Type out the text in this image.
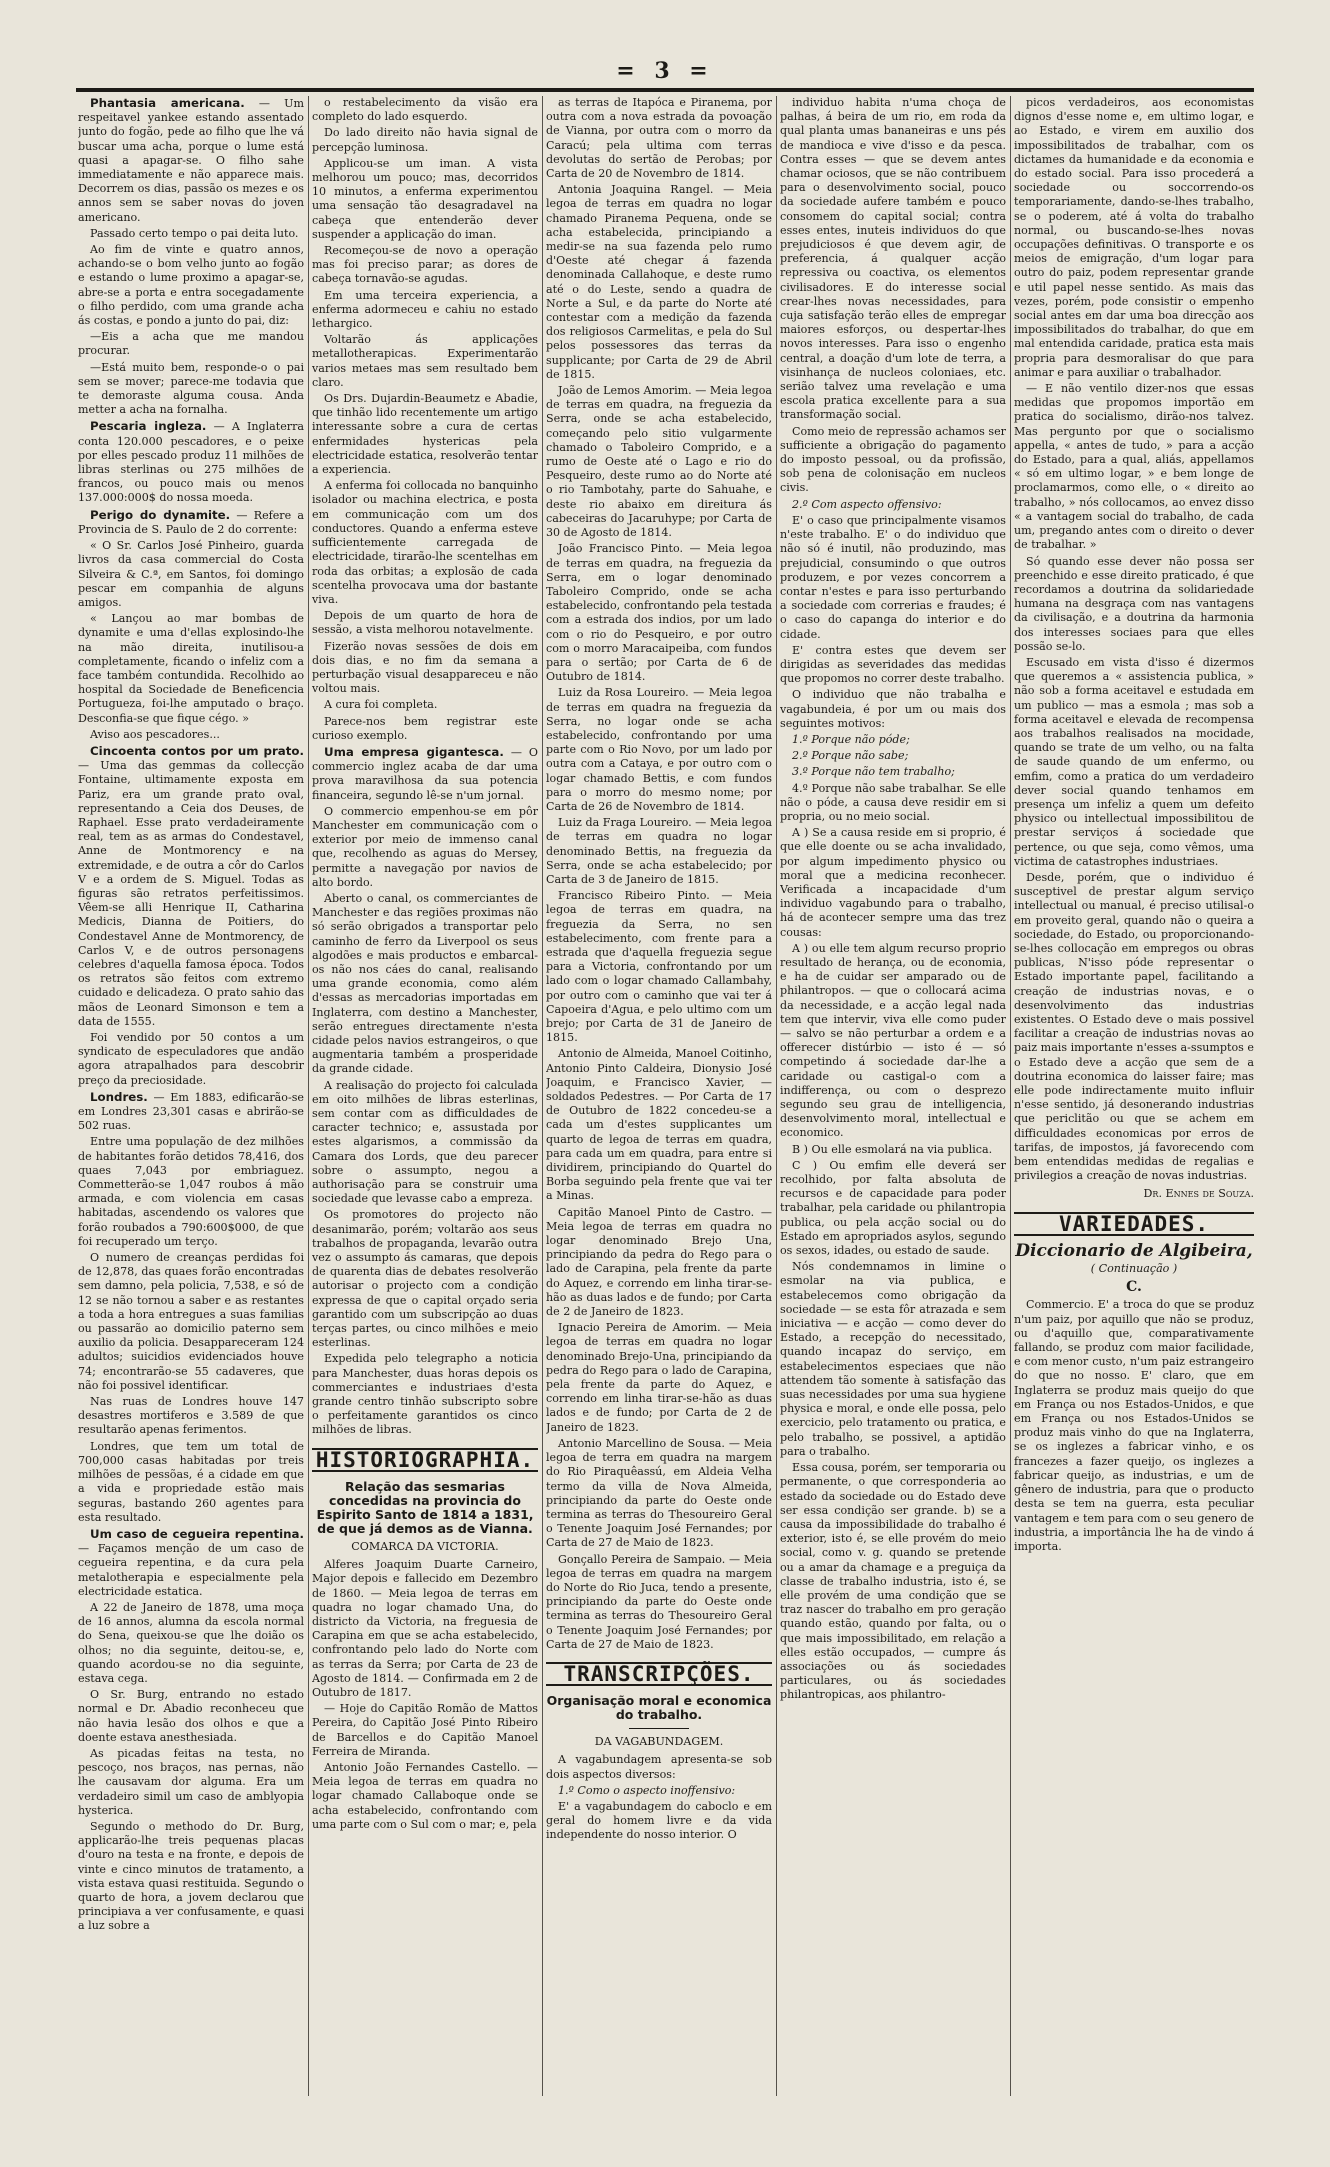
= 3 =

Phantasia americana. — Um respeitavel yankee estando assentado junto do fogão, pede ao filho que lhe vá buscar uma acha, porque o lume está quasi a apagar-se. O filho sahe immediatamente e não apparece mais. Decorrem os dias, passão os mezes e os annos sem se saber novas do joven americano.

Passado certo tempo o pai deita luto.

Ao fim de vinte e quatro annos, achando-se o bom velho junto ao fogão e estando o lume proximo a apagar-se, abre-se a porta e entra socegadamente o filho perdido, com uma grande acha ás costas, e pondo a junto do pai, diz:

—Eis a acha que me mandou procurar.

—Está muito bem, responde-o o pai sem se mover; parece-me todavia que te demoraste alguma cousa. Anda metter a acha na fornalha.

Pescaria ingleza. — A Inglaterra conta 120.000 pescadores, e o peixe por elles pescado produz 11 milhões de libras sterlinas ou 275 milhões de francos, ou pouco mais ou menos 137.000:000$ do nossa moeda.

Perigo do dynamite. — Refere a Provincia de S. Paulo de 2 do corrente:

« O Sr. Carlos José Pinheiro, guarda livros da casa commercial do Costa Silveira & C.ª, em Santos, foi domingo pescar em companhia de alguns amigos.

« Lançou ao mar bombas de dynamite e uma d'ellas explosindo-lhe na mão direita, inutilisou-a completamente, ficando o infeliz com a face também contundida. Recolhido ao hospital da Sociedade de Beneficencia Portugueza, foi-lhe amputado o braço. Desconfia-se que fique cégo. »

Aviso aos pescadores...

Cincoenta contos por um prato. — Uma das gemmas da collecção Fontaine, ultimamente exposta em Pariz, era um grande prato oval, representando a Ceia dos Deuses, de Raphael. Esse prato verdadeiramente real, tem as as armas do Condestavel, Anne de Montmorency e na extremidade, e de outra a côr do Carlos V e a ordem de S. Miguel. Todas as figuras são retratos perfeitissimos. Vêem-se alli Henrique II, Catharina Medicis, Dianna de Poitiers, do Condestavel Anne de Montmorency, de Carlos V, e de outros personagens celebres d'aquella famosa época. Todos os retratos são feitos com extremo cuidado e delicadeza. O prato sahio das mãos de Leonard Simonson e tem a data de 1555.

Foi vendido por 50 contos a um syndicato de especuladores que andão agora atrapalhados para descobrir preço da preciosidade.

Londres. — Em 1883, edificarão-se em Londres 23,301 casas e abrirão-se 502 ruas.

Entre uma população de dez milhões de habitantes forão detidos 78,416, dos quaes 7,043 por embriaguez. Commetterão-se 1,047 roubos á mão armada, e com violencia em casas habitadas, ascendendo os valores que forão roubados a 790:600$000, de que foi recuperado um terço.

O numero de creanças perdidas foi de 12,878, das quaes forão encontradas sem damno, pela policia, 7,538, e só de 12 se não tornou a saber e as restantes a toda a hora entregues a suas familias ou passarão ao domicilio paterno sem auxilio da policia. Desappareceram 124 adultos; suicidios evidenciados houve 74; encontrarão-se 55 cadaveres, que não foi possivel identificar.

Nas ruas de Londres houve 147 desastres mortiferos e 3.589 de que resultarão apenas ferimentos.

Londres, que tem um total de 700,000 casas habitadas por treis milhões de pessõas, é a cidade em que a vida e propriedade estão mais seguras, bastando 260 agentes para esta resultado.

Um caso de cegueira repentina. — Façamos menção de um caso de cegueira repentina, e da cura pela metalotherapia e especialmente pela electricidade estatica.

A 22 de Janeiro de 1878, uma moça de 16 annos, alumna da escola normal do Sena, queixou-se que lhe doião os olhos; no dia seguinte, deitou-se, e, quando acordou-se no dia seguinte, estava cega.

O Sr. Burg, entrando no estado normal e Dr. Abadio reconheceu que não havia lesão dos olhos e que a doente estava anesthesiada.

As picadas feitas na testa, no pescoço, nos braços, nas pernas, não lhe causavam dor alguma. Era um verdadeiro simil um caso de amblyopia hysterica.

Segundo o methodo do Dr. Burg, applicarão-lhe treis pequenas placas d'ouro na testa e na fronte, e depois de vinte e cinco minutos de tratamento, a vista estava quasi restituida. Segundo o quarto de hora, a jovem declarou que principiava a ver confusamente, e quasi a luz sobre a

o restabelecimento da visão era completo do lado esquerdo.

Do lado direito não havia signal de percepção luminosa.

Applicou-se um iman. A vista melhorou um pouco; mas, decorridos 10 minutos, a enferma experimentou uma sensação tão desagradavel na cabeça que entenderão dever suspender a applicação do iman.

Recomeçou-se de novo a operação mas foi preciso parar; as dores de cabeça tornavão-se agudas.

Em uma terceira experiencia, a enferma adormeceu e cahiu no estado lethargico.

Voltarão ás applicações metallotherapicas. Experimentarão varios metaes mas sem resultado bem claro.

Os Drs. Dujardin-Beaumetz e Abadie, que tinhão lido recentemente um artigo interessante sobre a cura de certas enfermidades hystericas pela electricidade estatica, resolverão tentar a experiencia.

A enferma foi collocada no banquinho isolador ou machina electrica, e posta em communicação com um dos conductores. Quando a enferma esteve sufficientemente carregada de electricidade, tirarão-lhe scentelhas em roda das orbitas; a explosão de cada scentelha provocava uma dor bastante viva.

Depois de um quarto de hora de sessão, a vista melhorou notavelmente.

Fizerão novas sessões de dois em dois dias, e no fim da semana a perturbação visual desappareceu e não voltou mais.

A cura foi completa.

Parece-nos bem registrar este curioso exemplo.

Uma empresa gigantesca. — O commercio inglez acaba de dar uma prova maravilhosa da sua potencia financeira, segundo lê-se n'um jornal.

O commercio empenhou-se em pôr Manchester em communicação com o exterior por meio de immenso canal que, recolhendo as aguas do Mersey, permitte a navegação por navios de alto bordo.

Aberto o canal, os commerciantes de Manchester e das regiões proximas não só serão obrigados a transportar pelo caminho de ferro da Liverpool os seus algodões e mais productos e embarcal-os não nos cáes do canal, realisando uma grande economia, como além d'essas as mercadorias importadas em Inglaterra, com destino a Manchester, serão entregues directamente n'esta cidade pelos navios estrangeiros, o que augmentaria também a prosperidade da grande cidade.

A realisação do projecto foi calculada em oito milhões de libras esterlinas, sem contar com as difficuldades de caracter technico; e, assustada por estes algarismos, a commissão da Camara dos Lords, que deu parecer sobre o assumpto, negou a authorisação para se construir uma sociedade que levasse cabo a empreza.

Os promotores do projecto não desanimarão, porém; voltarão aos seus trabalhos de propaganda, levarão outra vez o assumpto ás camaras, que depois de quarenta dias de debates resolverão autorisar o projecto com a condição expressa de que o capital orçado seria garantido com um subscripção ao duas terças partes, ou cinco milhões e meio esterlinas.

Expedida pelo telegrapho a noticia para Manchester, duas horas depois os commerciantes e industriaes d'esta grande centro tinhão subscripto sobre o perfeitamente garantidos os cinco milhões de libras.

HISTORIOGRAPHIA.
Relação das sesmarias concedidas na provincia do Espirito Santo de 1814 a 1831, de que já demos as de Vianna.

COMARCA DA VICTORIA.

Alferes Joaquim Duarte Carneiro, Major depois e fallecido em Dezembro de 1860. — Meia legoa de terras em quadra no logar chamado Una, do districto da Victoria, na freguesia de Carapina em que se acha estabelecido, confrontando pelo lado do Norte com as terras da Serra; por Carta de 23 de Agosto de 1814. — Confirmada em 2 de Outubro de 1817.

— Hoje do Capitão Romão de Mattos Pereira, do Capitão José Pinto Ribeiro de Barcellos e do Capitão Manoel Ferreira de Miranda.

Antonio João Fernandes Castello. — Meia legoa de terras em quadra no logar chamado Callaboque onde se acha estabelecido, confrontando com uma parte com o Sul com o mar; e, pela

as terras de Itapóca e Piranema, por outra com a nova estrada da povoação de Vianna, por outra com o morro da Caracú; pela ultima com terras devolutas do sertão de Perobas; por Carta de 20 de Novembro de 1814.

Antonia Joaquina Rangel. — Meia legoa de terras em quadra no logar chamado Piranema Pequena, onde se acha estabelecida, principiando a medir-se na sua fazenda pelo rumo d'Oeste até chegar á fazenda denominada Callahoque, e deste rumo até o do Leste, sendo a quadra de Norte a Sul, e da parte do Norte até contestar com a medição da fazenda dos religiosos Carmelitas, e pela do Sul pelos possessores das terras da supplicante; por Carta de 29 de Abril de 1815.

João de Lemos Amorim. — Meia legoa de terras em quadra, na freguezia da Serra, onde se acha estabelecido, começando pelo sitio vulgarmente chamado o Taboleiro Comprido, e a rumo de Oeste até o Lago e rio do Pesqueiro, deste rumo ao do Norte até o rio Tambotahy, parte do Sahuahe, e deste rio abaixo em direitura ás cabeceiras do Jacaruhype; por Carta de 30 de Agosto de 1814.

João Francisco Pinto. — Meia legoa de terras em quadra, na freguezia da Serra, em o logar denominado Taboleiro Comprido, onde se acha estabelecido, confrontando pela testada com a estrada dos indios, por um lado com o rio do Pesqueiro, e por outro com o morro Maracaipeiba, com fundos para o sertão; por Carta de 6 de Outubro de 1814.

Luiz da Rosa Loureiro. — Meia legoa de terras em quadra na freguezia da Serra, no logar onde se acha estabelecido, confrontando por uma parte com o Rio Novo, por um lado por outra com a Cataya, e por outro com o logar chamado Bettis, e com fundos para o morro do mesmo nome; por Carta de 26 de Novembro de 1814.

Luiz da Fraga Loureiro. — Meia legoa de terras em quadra no logar denominado Bettis, na freguezia da Serra, onde se acha estabelecido; por Carta de 3 de Janeiro de 1815.

Francisco Ribeiro Pinto. — Meia legoa de terras em quadra, na freguezia da Serra, no sen estabelecimento, com frente para a estrada que d'aquella freguezia segue para a Victoria, confrontando por um lado com o logar chamado Callambahy, por outro com o caminho que vai ter á Capoeira d'Agua, e pelo ultimo com um brejo; por Carta de 31 de Janeiro de 1815.

Antonio de Almeida, Manoel Coitinho, Antonio Pinto Caldeira, Dionysio José Joaquim, e Francisco Xavier, — soldados Pedestres. — Por Carta de 17 de Outubro de 1822 concedeu-se a cada um d'estes supplicantes um quarto de legoa de terras em quadra, para cada um em quadra, para entre si dividirem, principiando do Quartel do Borba seguindo pela frente que vai ter a Minas.

Capitão Manoel Pinto de Castro. — Meia legoa de terras em quadra no logar denominado Brejo Una, principiando da pedra do Rego para o lado de Carapina, pela frente da parte do Aquez, e correndo em linha tirar-se-hão as duas lados e de fundo; por Carta de 2 de Janeiro de 1823.

Ignacio Pereira de Amorim. — Meia legoa de terras em quadra no logar denominado Brejo-Una, principiando da pedra do Rego para o lado de Carapina, pela frente da parte do Aquez, e correndo em linha tirar-se-hão as duas lados e de fundo; por Carta de 2 de Janeiro de 1823.

Antonio Marcellino de Sousa. — Meia legoa de terra em quadra na margem do Rio Piraquêassú, em Aldeia Velha termo da villa de Nova Almeida, principiando da parte do Oeste onde termina as terras do Thesoureiro Geral o Tenente Joaquim José Fernandes; por Carta de 27 de Maio de 1823.

Gonçallo Pereira de Sampaio. — Meia legoa de terras em quadra na margem do Norte do Rio Juca, tendo a presente, principiando da parte do Oeste onde termina as terras do Thesoureiro Geral o Tenente Joaquim José Fernandes; por Carta de 27 de Maio de 1823.

TRANSCRIPÇÕES.
Organisação moral e economica do trabalho.

DA VAGABUNDAGEM.

A vagabundagem apresenta-se sob dois aspectos diversos:

1.º Como o aspecto inoffensivo:

E' a vagabundagem do caboclo e em geral do homem livre e da vida independente do nosso interior. O

individuo habita n'uma choça de palhas, á beira de um rio, em roda da qual planta umas bananeiras e uns pés de mandioca e vive d'isso e da pesca. Contra esses — que se devem antes chamar ociosos, que se não contribuem para o desenvolvimento social, pouco da sociedade aufere também e pouco consomem do capital social; contra esses entes, inuteis individuos do que prejudiciosos é que devem agir, de preferencia, á qualquer acção repressiva ou coactiva, os elementos civilisadores. E do interesse social crear-lhes novas necessidades, para cuja satisfação terão elles de empregar maiores esforços, ou despertar-lhes novos interesses. Para isso o engenho central, a doação d'um lote de terra, a visinhança de nucleos coloniaes, etc. serião talvez uma revelação e uma escola pratica excellente para a sua transformação social.

Como meio de repressão achamos ser sufficiente a obrigação do pagamento do imposto pessoal, ou da profissão, sob pena de colonisação em nucleos civis.

2.º Com aspecto offensivo:

E' o caso que principalmente visamos n'este trabalho. E' o do individuo que não só é inutil, não produzindo, mas prejudicial, consumindo o que outros produzem, e por vezes concorrem a contar n'estes e para isso perturbando a sociedade com correrias e fraudes; é o caso do capanga do interior e do cidade.

E' contra estes que devem ser dirigidas as severidades das medidas que propomos no correr deste trabalho.

O individuo que não trabalha e vagabundeia, é por um ou mais dos seguintes motivos:

1.º Porque não póde;

2.º Porque não sabe;

3.º Porque não tem trabalho;

4.º Porque não sabe trabalhar. Se elle não o póde, a causa deve residir em si propria, ou no meio social.

A ) Se a causa reside em si proprio, é que elle doente ou se acha invalidado, por algum impedimento physico ou moral que a medicina reconhecer. Verificada a incapacidade d'um individuo vagabundo para o trabalho, há de acontecer sempre uma das trez cousas:

A ) ou elle tem algum recurso proprio resultado de herança, ou de economia, e ha de cuidar ser amparado ou de philantropos. — que o collocará acima da necessidade, e a acção legal nada tem que intervir, viva elle como puder — salvo se não perturbar a ordem e a offerecer distúrbio — isto é — só competindo á sociedade dar-lhe a caridade ou castigal-o com a indifferença, ou com o desprezo segundo seu grau de intelligencia, desenvolvimento moral, intellectual e economico.

B ) Ou elle esmolará na via publica.

C ) Ou emfim elle deverá ser recolhido, por falta absoluta de recursos e de capacidade para poder trabalhar, pela caridade ou philantropia publica, ou pela acção social ou do Estado em apropriados asylos, segundo os sexos, idades, ou estado de saude.

Nós condemnamos in limine o esmolar na via publica, e estabelecemos como obrigação da sociedade — se esta fôr atrazada e sem iniciativa — e acção — como dever do Estado, a recepção do necessitado, quando incapaz do serviço, em estabelecimentos especiaes que não attendem tão somente à satisfação das suas necessidades por uma sua hygiene physica e moral, e onde elle possa, pelo exercicio, pelo tratamento ou pratica, e pelo trabalho, se possivel, a aptidão para o trabalho.

Essa cousa, porém, ser temporaria ou permanente, o que corresponderia ao estado da sociedade ou do Estado deve ser essa condição ser grande. b) se a causa da impossibilidade do trabalho é exterior, isto é, se elle provém do meio social, como v. g. quando se pretende ou a amar da chamage e a preguiça da classe de trabalho industria, isto é, se elle provém de uma condição que se traz nascer do trabalho em pro geração quando estão, quando por falta, ou o que mais impossibilitado, em relação a elles estão occupados, — cumpre ás associações ou ás sociedades particulares, ou ás sociedades philantropicas, aos philantro-

picos verdadeiros, aos economistas dignos d'esse nome e, em ultimo logar, e ao Estado, e virem em auxilio dos impossibilitados de trabalhar, com os dictames da humanidade e da economia e do estado social. Para isso procederá a sociedade ou soccorrendo-os temporariamente, dando-se-lhes trabalho, se o poderem, até á volta do trabalho normal, ou buscando-se-lhes novas occupações definitivas. O transporte e os meios de emigração, d'um logar para outro do paiz, podem representar grande e util papel nesse sentido. As mais das vezes, porém, pode consistir o empenho social antes em dar uma boa direcção aos impossibilitados do trabalhar, do que em mal entendida caridade, pratica esta mais propria para desmoralisar do que para animar e para auxiliar o trabalhador.

— E não ventilo dizer-nos que essas medidas que propomos importão em pratica do socialismo, dirão-nos talvez. Mas pergunto por que o socialismo appella, « antes de tudo, » para a acção do Estado, para a qual, aliás, appellamos « só em ultimo logar, » e bem longe de proclamarmos, como elle, o « direito ao trabalho, » nós collocamos, ao envez disso « a vantagem social do trabalho, de cada um, pregando antes com o direito o dever de trabalhar. »

Só quando esse dever não possa ser preenchido e esse direito praticado, é que recordamos a doutrina da solidariedade humana na desgraça com nas vantagens da civilisação, e a doutrina da harmonia dos interesses sociaes para que elles possão se-lo.

Escusado em vista d'isso é dizermos que queremos a « assistencia publica, » não sob a forma aceitavel e estudada em um publico — mas a esmola ; mas sob a forma aceitavel e elevada de recompensa aos trabalhos realisados na mocidade, quando se trate de um velho, ou na falta de saude quando de um enfermo, ou emfim, como a pratica do um verdadeiro dever social quando tenhamos em presença um infeliz a quem um defeito physico ou intellectual impossibilitou de prestar serviços á sociedade que pertence, ou que seja, como vêmos, uma victima de catastrophes industriaes.

Desde, porém, que o individuo é susceptivel de prestar algum serviço intellectual ou manual, é preciso utilisal-o em proveito geral, quando não o queira a sociedade, do Estado, ou proporcionando-se-lhes collocação em empregos ou obras publicas, N'isso póde representar o Estado importante papel, facilitando a creação de industrias novas, e o desenvolvimento das industrias existentes. O Estado deve o mais possivel facilitar a creação de industrias novas ao paiz mais importante n'esses a-ssumptos e o Estado deve a acção que sem de a doutrina economica do laisser faire; mas elle pode indirectamente muito influir n'esse sentido, já desonerando industrias que periclitão ou que se achem em difficuldades economicas por erros de tarifas, de impostos, já favorecendo com bem entendidas medidas de regalias e privilegios a creação de novas industrias.

Dr. Ennes de Souza.
VARIEDADES.
Diccionario de Algibeira,

( Continuação )

C.

Commercio. E' a troca do que se produz n'um paiz, por aquillo que não se produz, ou d'aquillo que, comparativamente fallando, se produz com maior facilidade, e com menor custo, n'um paiz estrangeiro do que no nosso. E' claro, que em Inglaterra se produz mais queijo do que em França ou nos Estados-Unidos, e que em França ou nos Estados-Unidos se produz mais vinho do que na Inglaterra, se os inglezes a fabricar vinho, e os francezes a fazer queijo, os inglezes a fabricar queijo, as industrias, e um de gênero de industria, para que o producto desta se tem na guerra, esta peculiar vantagem e tem para com o seu genero de industria, a importância lhe ha de vindo á importa.
